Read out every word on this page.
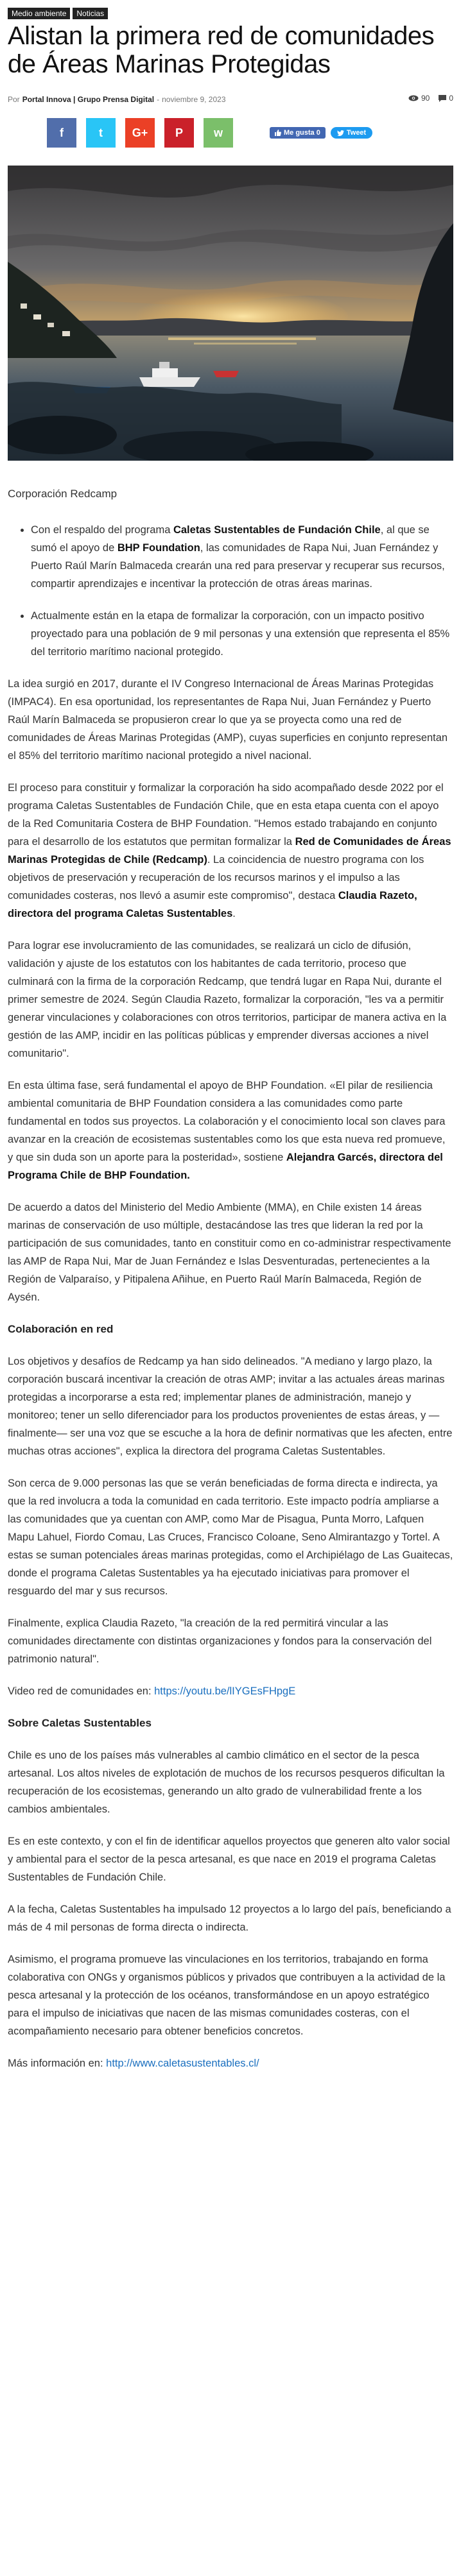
Medio ambiente	Noticias
Alistan la primera red de comunidades de Áreas Marinas Protegidas
Por Portal Innova | Grupo Prensa Digital - noviembre 9, 2023	90	0
f	t	G+ P	w	Me gusta 0	Tweet

Corporación Redcamp

• Con el respaldo del programa Caletas Sustentables de Fundación Chile, al que se sumó el apoyo de BHP Foundation, las comunidades de Rapa Nui, Juan Fernández y Puerto Raúl Marín Balmaceda crearán una red para preservar y recuperar sus recursos, compartir aprendizajes e incentivar la protección de otras áreas marinas.
• Actualmente están en la etapa de formalizar la corporación, con un impacto positivo proyectado para una población de 9 mil personas y una extensión que representa el 85% del territorio marítimo nacional protegido.

La idea surgió en 2017, durante el IV Congreso Internacional de Áreas Marinas Protegidas (IMPAC4). En esa oportunidad, los representantes de Rapa Nui, Juan Fernández y Puerto Raúl Marín Balmaceda se propusieron crear lo que ya se proyecta como una red de comunidades de Áreas Marinas Protegidas (AMP), cuyas superficies en conjunto representan el 85% del territorio marítimo nacional protegido a nivel nacional.

El proceso para constituir y formalizar la corporación ha sido acompañado desde 2022 por el programa Caletas Sustentables de Fundación Chile, que en esta etapa cuenta con el apoyo de la Red Comunitaria Costera de BHP Foundation. "Hemos estado trabajando en conjunto para el desarrollo de los estatutos que permitan formalizar la Red de Comunidades de Áreas Marinas Protegidas de Chile (Redcamp). La coincidencia de nuestro programa con los objetivos de preservación y recuperación de los recursos marinos y el impulso a las comunidades costeras, nos llevó a asumir este compromiso", destaca Claudia Razeto, directora del programa Caletas Sustentables.

Para lograr ese involucramiento de las comunidades, se realizará un ciclo de difusión, validación y ajuste de los estatutos con los habitantes de cada territorio, proceso que culminará con la firma de la corporación Redcamp, que tendrá lugar en Rapa Nui, durante el primer semestre de 2024. Según Claudia Razeto, formalizar la corporación, "les va a permitir generar vinculaciones y colaboraciones con otros territorios, participar de manera activa en la gestión de las AMP, incidir en las políticas públicas y emprender diversas acciones a nivel comunitario".

En esta última fase, será fundamental el apoyo de BHP Foundation. «El pilar de resiliencia ambiental comunitaria de BHP Foundation considera a las comunidades como parte fundamental en todos sus proyectos. La colaboración y el conocimiento local son claves para avanzar en la creación de ecosistemas sustentables como los que esta nueva red promueve, y que sin duda son un aporte para la posteridad», sostiene Alejandra Garcés, directora del Programa Chile de BHP Foundation.

De acuerdo a datos del Ministerio del Medio Ambiente (MMA), en Chile existen 14 áreas marinas de conservación de uso múltiple, destacándose las tres que lideran la red por la participación de sus comunidades, tanto en constituir como en co-administrar respectivamente las AMP de Rapa Nui, Mar de Juan Fernández e Islas Desventuradas, pertenecientes a la Región de Valparaíso, y Pitipalena Añihue, en Puerto Raúl Marín Balmaceda, Región de Aysén.

Colaboración en red

Los objetivos y desafíos de Redcamp ya han sido delineados. "A mediano y largo plazo, la corporación buscará incentivar la creación de otras AMP; invitar a las actuales áreas marinas protegidas a incorporarse a esta red; implementar planes de administración, manejo y monitoreo; tener un sello diferenciador para los productos provenientes de estas áreas, y —finalmente— ser una voz que se escuche a la hora de definir normativas que les afecten, entre muchas otras acciones", explica la directora del programa Caletas Sustentables.

Son cerca de 9.000 personas las que se verán beneficiadas de forma directa e indirecta, ya que la red involucra a toda la comunidad en cada territorio. Este impacto podría ampliarse a las comunidades que ya cuentan con AMP, como Mar de Pisagua, Punta Morro, Lafquen Mapu Lahuel, Fiordo Comau, Las Cruces, Francisco Coloane, Seno Almirantazgo y Tortel. A estas se suman potenciales áreas marinas protegidas, como el Archipiélago de Las Guaitecas, donde el programa Caletas Sustentables ya ha ejecutado iniciativas para promover el resguardo del mar y sus recursos.

Finalmente, explica Claudia Razeto, "la creación de la red permitirá vincular a las comunidades directamente con distintas organizaciones y fondos para la conservación del patrimonio natural".

Video red de comunidades en: https://youtu.be/lIYGEsFHpgE

Sobre Caletas Sustentables

Chile es uno de los países más vulnerables al cambio climático en el sector de la pesca artesanal. Los altos niveles de explotación de muchos de los recursos pesqueros dificultan la recuperación de los ecosistemas, generando un alto grado de vulnerabilidad frente a los cambios ambientales.

Es en este contexto, y con el fin de identificar aquellos proyectos que generen alto valor social y ambiental para el sector de la pesca artesanal, es que nace en 2019 el programa Caletas Sustentables de Fundación Chile.

A la fecha, Caletas Sustentables ha impulsado 12 proyectos a lo largo del país, beneficiando a más de 4 mil personas de forma directa o indirecta.

Asimismo, el programa promueve las vinculaciones en los territorios, trabajando en forma colaborativa con ONGs y organismos públicos y privados que contribuyen a la actividad de la pesca artesanal y la protección de los océanos, transformándose en un apoyo estratégico para el impulso de iniciativas que nacen de las mismas comunidades costeras, con el acompañamiento necesario para obtener beneficios concretos.

Más información en: http://www.caletasustentables.cl/
